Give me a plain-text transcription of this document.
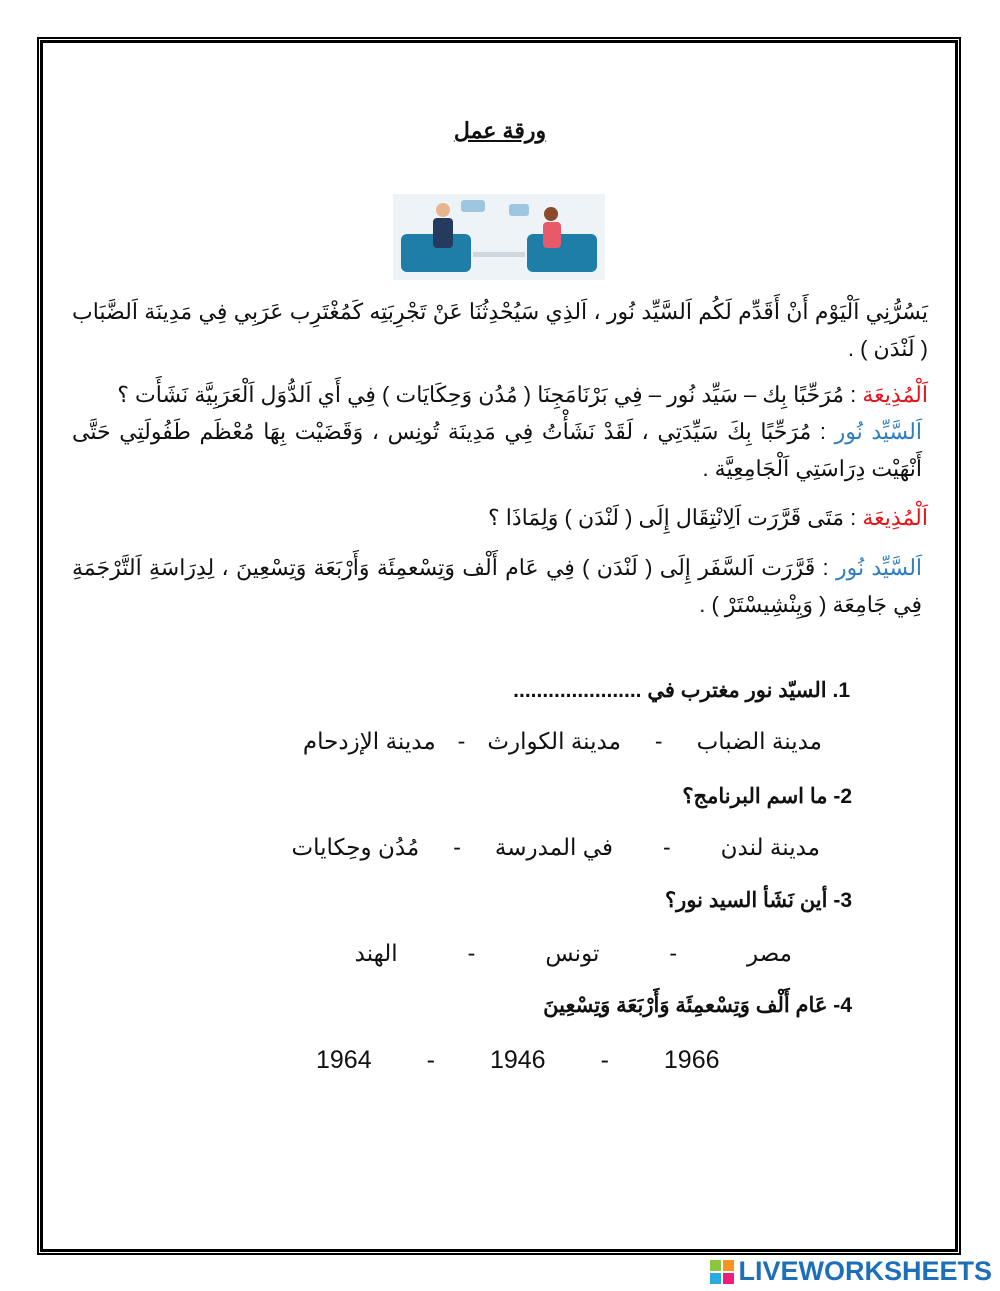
ورقة عمل
يَسُرُّنِي اَلْيَوْم أَنْ أَقَدِّم لَكُم اَلسَّيِّد نُور ، اَلذِي سَيُحْدِثُنَا عَنْ تَجْرِبَتِه كَمُغْتَرِب عَرَبِي فِي مَدِينَة اَلضَّبَاب ( لَنْدَن ) .
اَلْمُذِيعَة : مُرَحِّبًا بِك – سَيِّد نُور – فِي بَرْنَامَجِنَا ( مُدُن وَحِكَايَات ) فِي أَي اَلدُّوَل اَلْعَرَبِيَّة نَشَأَت ؟
اَلسَّيِّد نُور : مُرَحِّبًا بِكَ سَيِّدَتِي ، لَقَدْ نَشَأْتُ فِي مَدِينَة تُونِس ، وَقَضَيْت بِهَا مُعْظَم طَفُولَتِي حَتَّى أَنْهَيْت دِرَاسَتِي اَلْجَامِعِيَّة .
اَلْمُذِيعَة : مَتَى قَرَّرَت اَلِانْتِقَال إِلَى ( لَنْدَن ) وَلِمَاذَا ؟
اَلسَّيِّد نُور : قَرَّرَت اَلسَّفَر إِلَى ( لَنْدَن ) فِي عَام أَلْف وَتِسْعمِئَة وَأَرْبَعَة وَتِسْعِينَ ، لِدِرَاسَةِ اَلتَّرْجَمَةِ فِي جَامِعَة ( وَيِنْشِيسْتَرْ ) .
1. السيّد نور مغترب في ......................
مدينة الضباب
-
مدينة الكوارث
-
مدينة الإزدحام
2- ما اسم البرنامج؟
مدينة لندن
-
في المدرسة
-
مُدُن وحِكايات
3- أين نَشَأ السيد نور؟
مصر
-
تونس
-
الهند
4- عَام أَلْف وَتِسْعمِئَة وَأَرْبَعَة وَتِسْعِينَ
1964 - 1946 - 1966
LIVEWORKSHEETS
